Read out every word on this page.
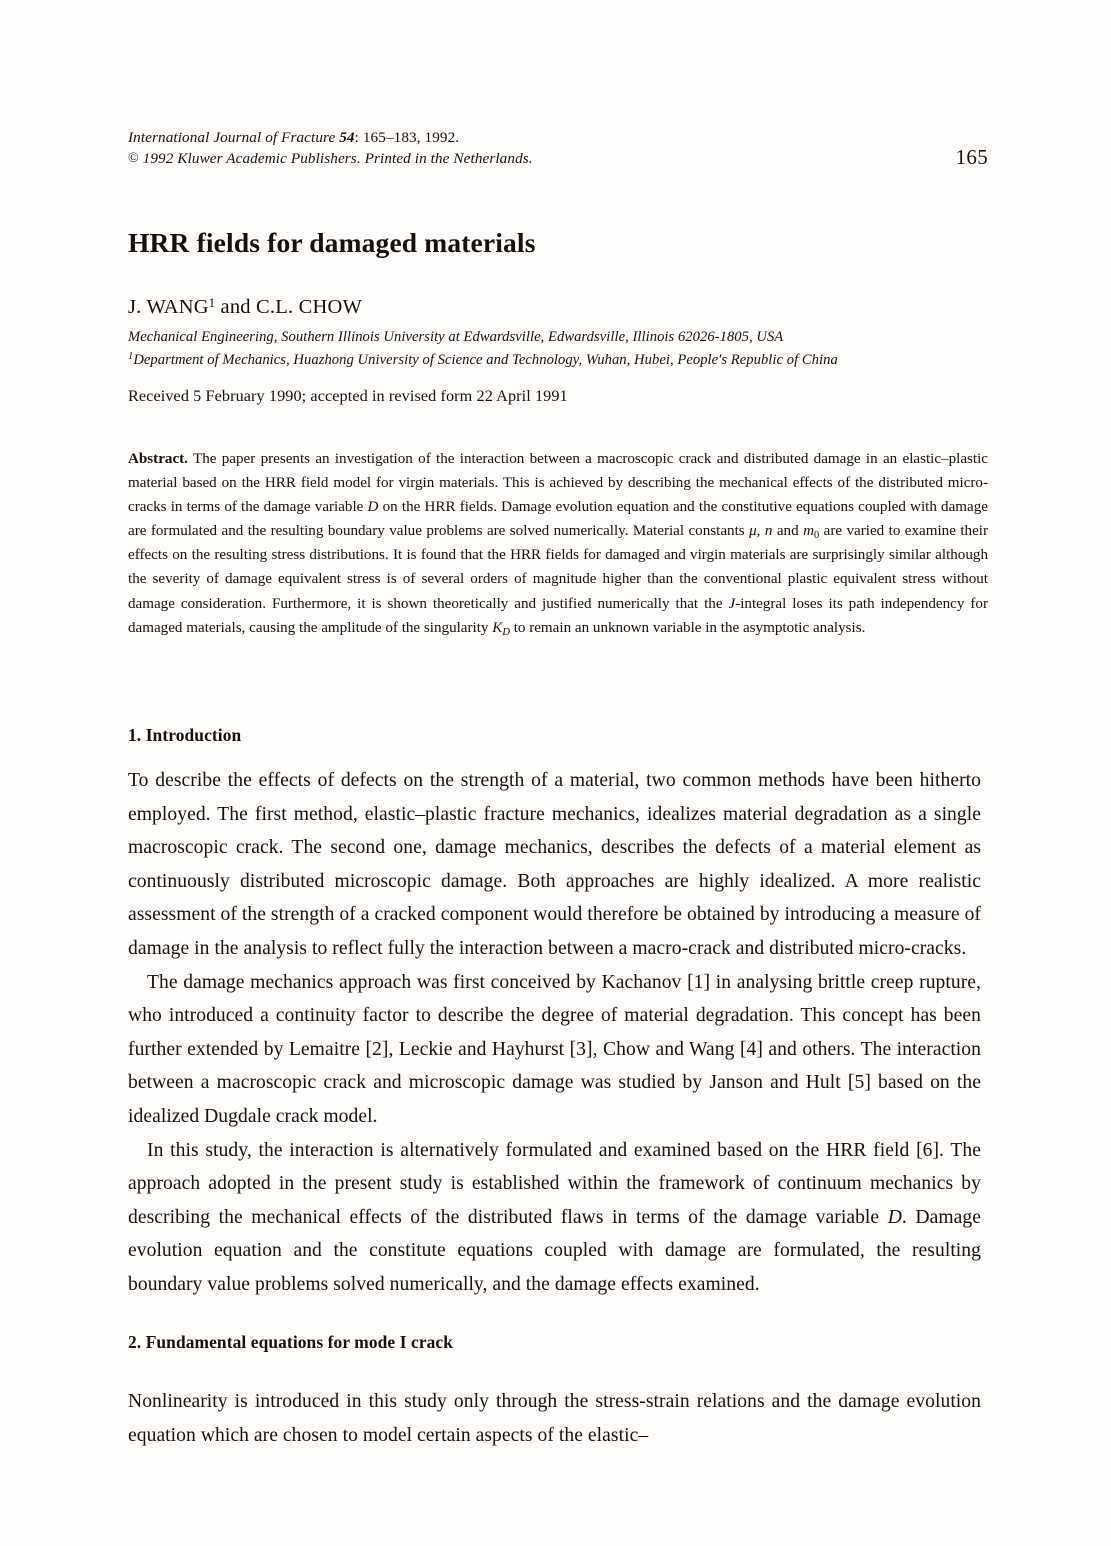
International Journal of Fracture 54: 165–183, 1992.
© 1992 Kluwer Academic Publishers. Printed in the Netherlands.	165
HRR fields for damaged materials
J. WANG$^1$ and C.L. CHOW
Mechanical Engineering, Southern Illinois University at Edwardsville, Edwardsville, Illinois 62026-1805, USA
$^1$Department of Mechanics, Huazhong University of Science and Technology, Wuhan, Hubei, People's Republic of China
Received 5 February 1990; accepted in revised form 22 April 1991
Abstract. The paper presents an investigation of the interaction between a macroscopic crack and distributed damage in an elastic–plastic material based on the HRR field model for virgin materials. This is achieved by describing the mechanical effects of the distributed micro-cracks in terms of the damage variable D on the HRR fields. Damage evolution equation and the constitutive equations coupled with damage are formulated and the resulting boundary value problems are solved numerically. Material constants μ, n and $m_0$ are varied to examine their effects on the resulting stress distributions. It is found that the HRR fields for damaged and virgin materials are surprisingly similar although the severity of damage equivalent stress is of several orders of magnitude higher than the conventional plastic equivalent stress without damage consideration. Furthermore, it is shown theoretically and justified numerically that the J-integral loses its path independency for damaged materials, causing the amplitude of the singularity $K_D$ to remain an unknown variable in the asymptotic analysis.
1. Introduction

To describe the effects of defects on the strength of a material, two common methods have been hitherto employed. The first method, elastic–plastic fracture mechanics, idealizes material degradation as a single macroscopic crack. The second one, damage mechanics, describes the defects of a material element as continuously distributed microscopic damage. Both approaches are highly idealized. A more realistic assessment of the strength of a cracked component would therefore be obtained by introducing a measure of damage in the analysis to reflect fully the interaction between a macro-crack and distributed micro-cracks.

The damage mechanics approach was first conceived by Kachanov [1] in analysing brittle creep rupture, who introduced a continuity factor to describe the degree of material degradation. This concept has been further extended by Lemaitre [2], Leckie and Hayhurst [3], Chow and Wang [4] and others. The interaction between a macroscopic crack and microscopic damage was studied by Janson and Hult [5] based on the idealized Dugdale crack model.

In this study, the interaction is alternatively formulated and examined based on the HRR field [6]. The approach adopted in the present study is established within the framework of continuum mechanics by describing the mechanical effects of the distributed flaws in terms of the damage variable D. Damage evolution equation and the constitute equations coupled with damage are formulated, the resulting boundary value problems solved numerically, and the damage effects examined.

2. Fundamental equations for mode I crack

Nonlinearity is introduced in this study only through the stress-strain relations and the damage evolution equation which are chosen to model certain aspects of the elastic–
